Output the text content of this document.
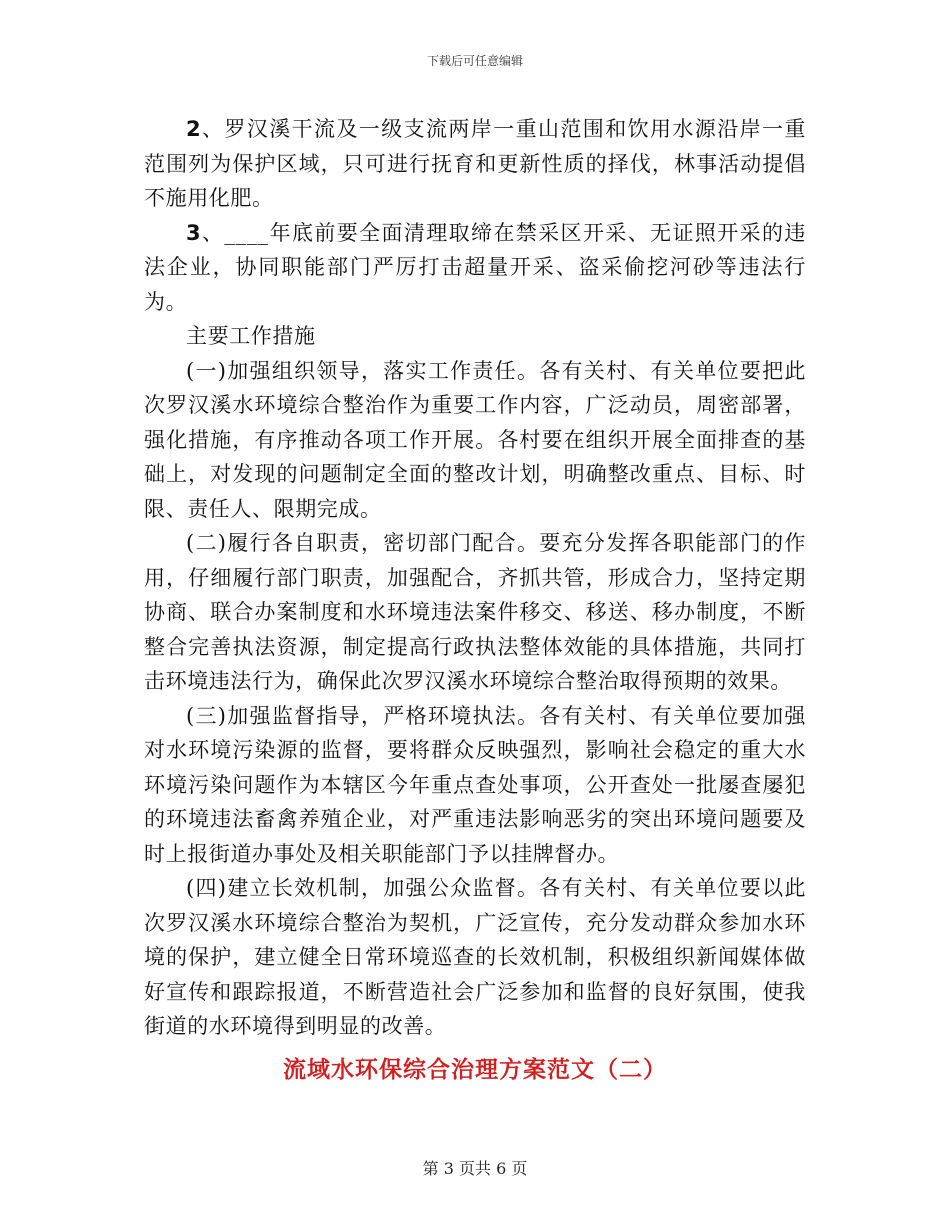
下载后可任意编辑

2、罗汉溪干流及一级支流两岸一重山范围和饮用水源沿岸一重范围列为保护区域，只可进行抚育和更新性质的择伐，林事活动提倡不施用化肥。

3、____年底前要全面清理取缔在禁采区开采、无证照开采的违法企业，协同职能部门严厉打击超量开采、盗采偷挖河砂等违法行为。

主要工作措施

(一)加强组织领导，落实工作责任。各有关村、有关单位要把此次罗汉溪水环境综合整治作为重要工作内容，广泛动员，周密部署，强化措施，有序推动各项工作开展。各村要在组织开展全面排查的基础上，对发现的问题制定全面的整改计划，明确整改重点、目标、时限、责任人、限期完成。

(二)履行各自职责，密切部门配合。要充分发挥各职能部门的作用，仔细履行部门职责，加强配合，齐抓共管，形成合力，坚持定期协商、联合办案制度和水环境违法案件移交、移送、移办制度，不断整合完善执法资源，制定提高行政执法整体效能的具体措施，共同打击环境违法行为，确保此次罗汉溪水环境综合整治取得预期的效果。

(三)加强监督指导，严格环境执法。各有关村、有关单位要加强对水环境污染源的监督，要将群众反映强烈，影响社会稳定的重大水环境污染问题作为本辖区今年重点查处事项，公开查处一批屡查屡犯的环境违法畜禽养殖企业，对严重违法影响恶劣的突出环境问题要及时上报街道办事处及相关职能部门予以挂牌督办。

(四)建立长效机制，加强公众监督。各有关村、有关单位要以此次罗汉溪水环境综合整治为契机，广泛宣传，充分发动群众参加水环境的保护，建立健全日常环境巡查的长效机制，积极组织新闻媒体做好宣传和跟踪报道，不断营造社会广泛参加和监督的良好氛围，使我街道的水环境得到明显的改善。

流域水环保综合治理方案范文（二）
第 3 页共 6 页
